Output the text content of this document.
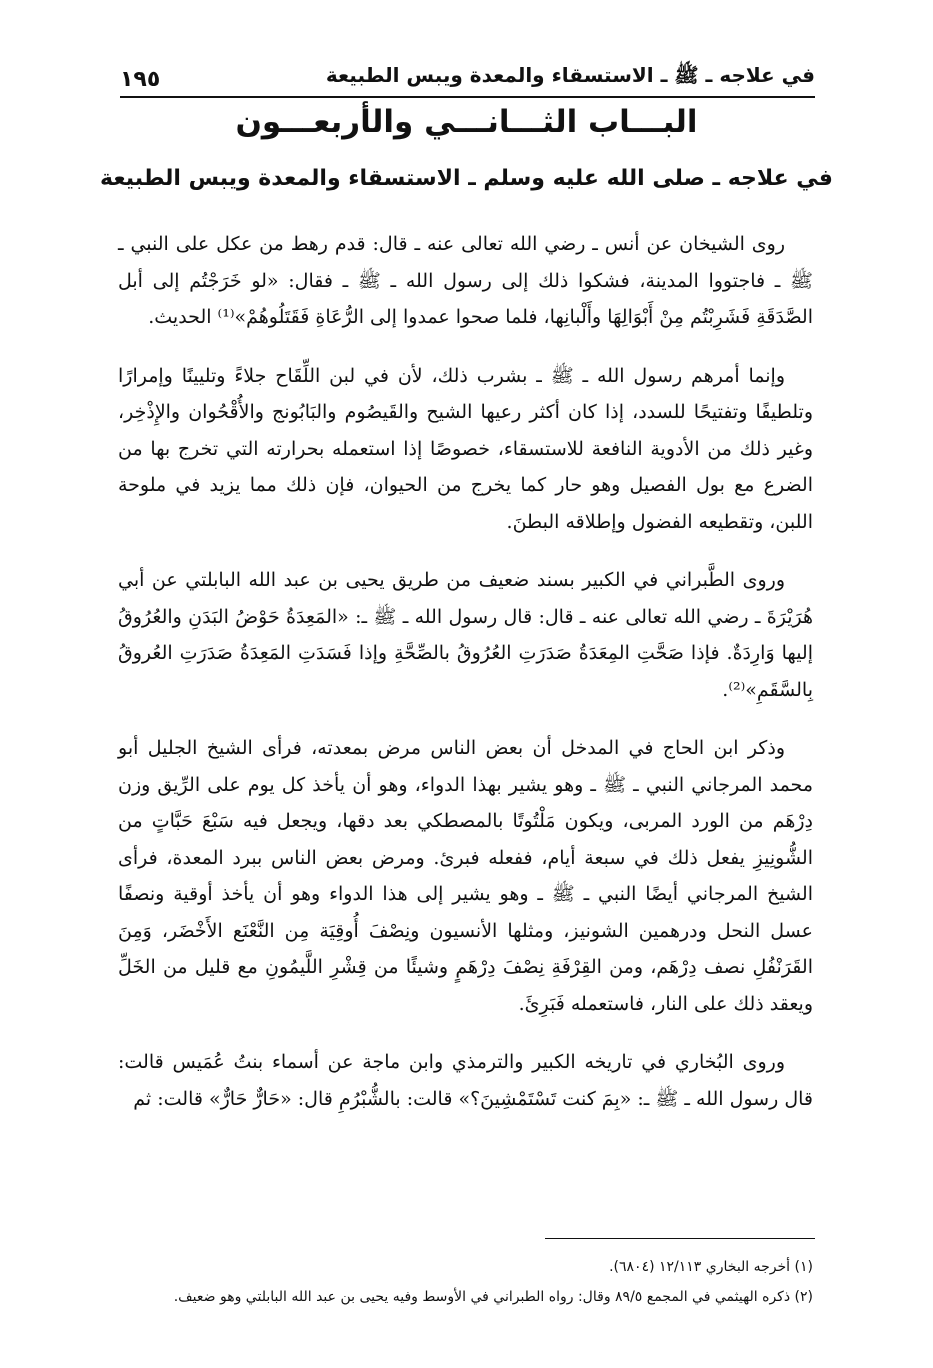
في علاجه ـ ﷺ ـ الاستسقاء والمعدة ويبس الطبيعة
١٩٥
البـــاب الثـــانـــي والأربعـــون
في علاجه ـ صلى الله عليه وسلم ـ الاستسقاء والمعدة ويبس الطبيعة

روى الشيخان عن أنس ـ رضي الله تعالى عنه ـ قال: قدم رهط من عكل على النبي ـ ﷺ ـ فاجتووا المدينة، فشكوا ذلك إلى رسول الله ـ ﷺ ـ فقال: «لو خَرَجْتُم إلى أبل الصَّدَقَةِ فَشَرِبْتُم مِنْ أَبْوَالِهَا وأَلْبانِها، فلما صحوا عمدوا إلى الرُّعَاةِ فَقَتَلُوهُمْ»⁽¹⁾ الحديث.

وإنما أمرهم رسول الله ـ ﷺ ـ بشرب ذلك، لأن في لبن اللِّقَاح جلاءً وتليينًا وإمرارًا وتلطيفًا وتفتيحًا للسدد، إذا كان أكثر رعيها الشيح والقَيصُوم والبَابُونج والأُقْحُوان والإِذْخِر، وغير ذلك من الأدوية النافعة للاستسقاء، خصوصًا إذا استعمله بحرارته التي تخرج بها من الضرع مع بول الفصيل وهو حار كما يخرج من الحيوان، فإن ذلك مما يزيد في ملوحة اللبن، وتقطيعه الفضول وإطلاقه البطنَ.

وروى الطَّبراني في الكبير بسند ضعيف من طريق يحيى بن عبد الله البابلتي عن أبي هُرَيْرَةَ ـ رضي الله تعالى عنه ـ قال: قال رسول الله ـ ﷺ ـ: «المَعِدَةُ حَوْضُ البَدَنِ والعُرُوقُ إليها وَارِدَةٌ. فإذا صَحَّتِ المِعَدَةُ صَدَرَتِ العُرُوقُ بالصِّحَّةِ وإذا فَسَدَتِ المَعِدَةُ صَدَرَتِ العُروقُ بِالسَّقَمِ»⁽²⁾.

وذكر ابن الحاج في المدخل أن بعض الناس مرض بمعدته، فرأى الشيخ الجليل أبو محمد المرجاني النبي ـ ﷺ ـ وهو يشير بهذا الدواء، وهو أن يأخذ كل يوم على الرِّيق وزن دِرْهَم من الورد المربى، ويكون مَلْتُوتًا بالمصطكي بعد دقها، ويجعل فيه سَبْعَ حَبَّاتٍ من الشُّونِيزِ يفعل ذلك في سبعة أيام، ففعله فبرئ. ومرض بعض الناس ببرد المعدة، فرأى الشيخ المرجاني أيضًا النبي ـ ﷺ ـ وهو يشير إلى هذا الدواء وهو أن يأخذ أوقية ونصفًا عسل النحل ودرهمين الشونيز، ومثلها الأنسيون ونِصْفَ أُوقِيَة مِن النَّعْنَع الأَخْضَر، وَمِنَ القَرَنْفُلِ نصف دِرْهَم، ومن القِرْفَةِ نِصْفَ دِرْهَمٍ وشيئًا من قِشْرِ اللَّيمُونِ مع قليل من الخَلِّ ويعقد ذلك على النار، فاستعمله فَبَرِئَ.

وروى البُخاري في تاريخه الكبير والترمذي وابن ماجة عن أسماء بنتُ عُمَيس قالت: قال رسول الله ـ ﷺ ـ: «بِمَ كنت تَسْتَمْشِينَ؟» قالت: بالشُّبْرُمِ قال: «حَارٌّ حَارٌّ» قالت: ثم

(١) أخرجه البخاري ١٢/١١٣ (٦٨٠٤).

(٢) ذكره الهيثمي في المجمع ٨٩/٥ وقال: رواه الطبراني في الأوسط وفيه يحيى بن عبد الله البابلتي وهو ضعيف.
